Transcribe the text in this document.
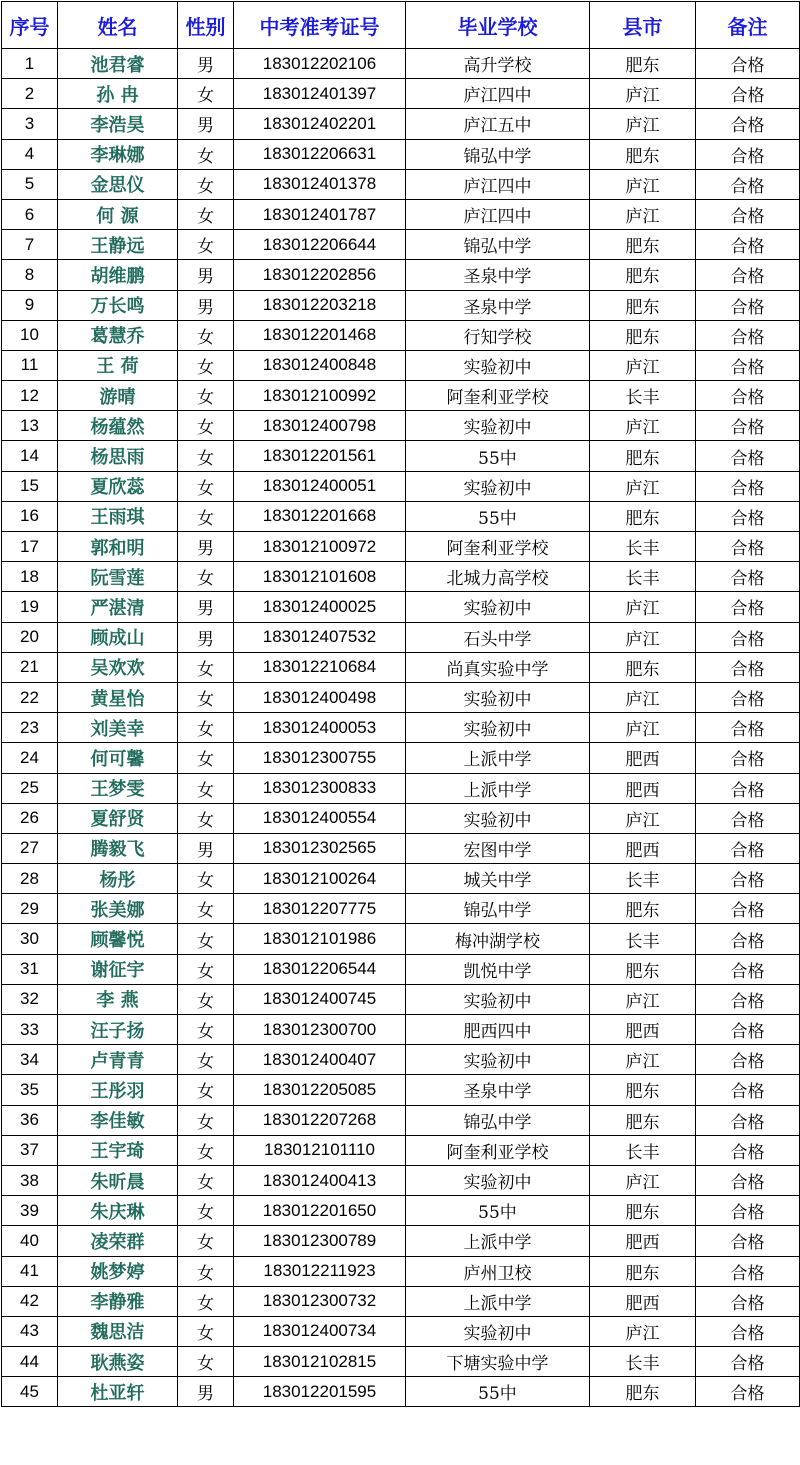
序号	姓名	性别	中考准考证号	毕业学校	县市	备注
1	池君睿	男	183012202106	高升学校	肥东	合格
2	孙 冉	女	183012401397	庐江四中	庐江	合格
3	李浩昊	男	183012402201	庐江五中	庐江	合格
4	李琳娜	女	183012206631	锦弘中学	肥东	合格
5	金思仪	女	183012401378	庐江四中	庐江	合格
6	何 源	女	183012401787	庐江四中	庐江	合格
7	王静远	女	183012206644	锦弘中学	肥东	合格
8	胡维鹏	男	183012202856	圣泉中学	肥东	合格
9	万长鸣	男	183012203218	圣泉中学	肥东	合格
10	葛慧乔	女	183012201468	行知学校	肥东	合格
11	王 荷	女	183012400848	实验初中	庐江	合格
12	游晴	女	183012100992	阿奎利亚学校	长丰	合格
13	杨蕴然	女	183012400798	实验初中	庐江	合格
14	杨思雨	女	183012201561	55中	肥东	合格
15	夏欣蕊	女	183012400051	实验初中	庐江	合格
16	王雨琪	女	183012201668	55中	肥东	合格
17	郭和明	男	183012100972	阿奎利亚学校	长丰	合格
18	阮雪莲	女	183012101608	北城力高学校	长丰	合格
19	严湛清	男	183012400025	实验初中	庐江	合格
20	顾成山	男	183012407532	石头中学	庐江	合格
21	吴欢欢	女	183012210684	尚真实验中学	肥东	合格
22	黄星怡	女	183012400498	实验初中	庐江	合格
23	刘美幸	女	183012400053	实验初中	庐江	合格
24	何可馨	女	183012300755	上派中学	肥西	合格
25	王梦雯	女	183012300833	上派中学	肥西	合格
26	夏舒贤	女	183012400554	实验初中	庐江	合格
27	腾毅飞	男	183012302565	宏图中学	肥西	合格
28	杨彤	女	183012100264	城关中学	长丰	合格
29	张美娜	女	183012207775	锦弘中学	肥东	合格
30	顾馨悦	女	183012101986	梅冲湖学校	长丰	合格
31	谢征宇	女	183012206544	凯悦中学	肥东	合格
32	李 燕	女	183012400745	实验初中	庐江	合格
33	汪子扬	女	183012300700	肥西四中	肥西	合格
34	卢青青	女	183012400407	实验初中	庐江	合格
35	王彤羽	女	183012205085	圣泉中学	肥东	合格
36	李佳敏	女	183012207268	锦弘中学	肥东	合格
37	王宇琦	女	183012101110	阿奎利亚学校	长丰	合格
38	朱昕晨	女	183012400413	实验初中	庐江	合格
39	朱庆琳	女	183012201650	55中	肥东	合格
40	凌荣群	女	183012300789	上派中学	肥西	合格
41	姚梦婷	女	183012211923	庐州卫校	肥东	合格
42	李静雅	女	183012300732	上派中学	肥西	合格
43	魏思洁	女	183012400734	实验初中	庐江	合格
44	耿燕姿	女	183012102815	下塘实验中学	长丰	合格
45	杜亚轩	男	183012201595	55中	肥东	合格
